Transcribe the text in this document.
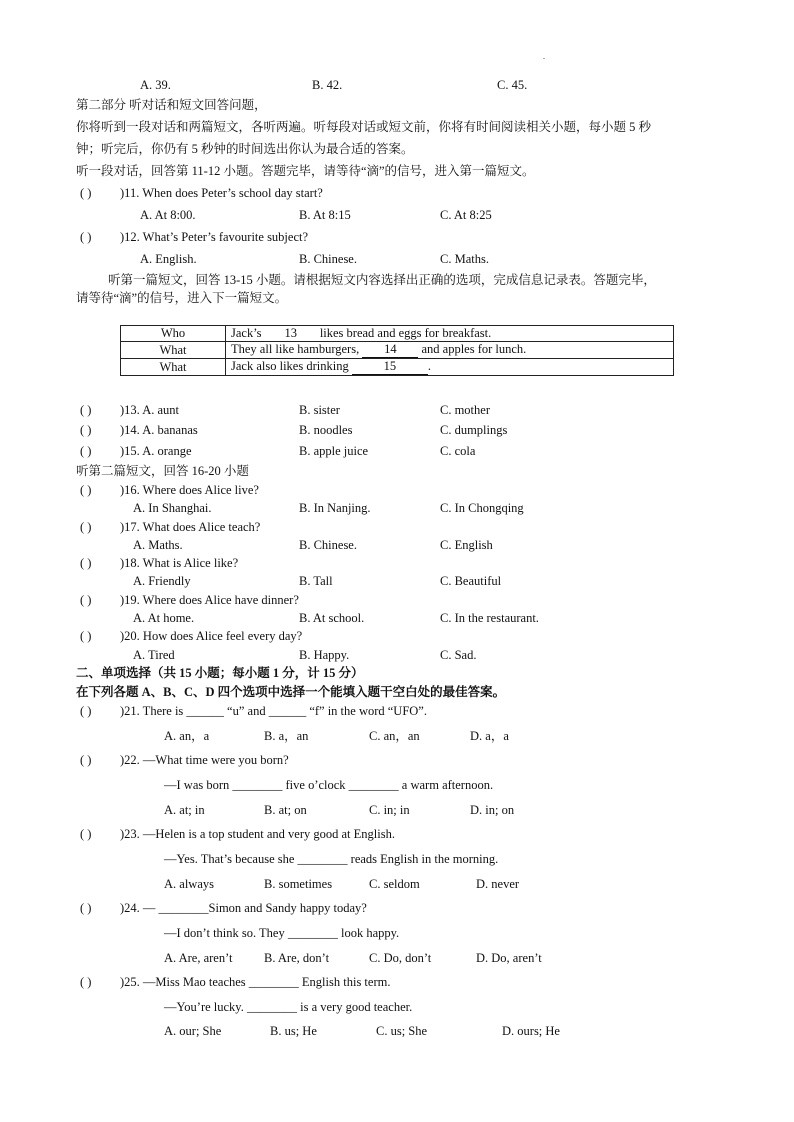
.
A. 39.	B. 42.	C. 45.
第二部分 听对话和短文回答问题，
你将听到一段对话和两篇短文，各听两遍。听每段对话或短文前，你将有时间阅读相关小题，每小题 5 秒
钟；听完后，你仍有 5 秒钟的时间选出你认为最合适的答案。
听一段对话，回答第 11-12 小题。答题完毕，请等待“滴”的信号，进入第一篇短文。
( ) )11. When does Peter’s school day start?
A. At 8:00.	B. At 8:15	C. At 8:25
( ) )12. What’s Peter’s favourite subject?
A. English.	B. Chinese.	C. Maths.
听第一篇短文，回答 13-15 小题。请根据短文内容选择出正确的选项，完成信息记录表。答题完毕，
请等待“滴”的信号，进入下一篇短文。
Who	Jack’s 13 likes bread and eggs for breakfast.
What	They all like hamburgers, 14 and apples for lunch.
What	Jack also likes drinking 15 .
( ) )13. A. aunt	B. sister	C. mother
( ) )14. A. bananas	B. noodles	C. dumplings
( ) )15. A. orange	B. apple juice	C. cola
听第二篇短文，回答 16-20 小题
( ) )16. Where does Alice live?
A. In Shanghai.	B. In Nanjing.	C. In Chongqing
( ) )17. What does Alice teach?
A. Maths.	B. Chinese.	C. English
( ) )18. What is Alice like?
A. Friendly	B. Tall	C. Beautiful
( ) )19. Where does Alice have dinner?
A. At home.	B. At school.	C. In the restaurant.
( ) )20. How does Alice feel every day?
A. Tired	B. Happy.	C. Sad.
二、单项选择（共 15 小题；每小题 1 分，计 15 分）
在下列各题 A、B、C、D 四个选项中选择一个能填入题干空白处的最佳答案。
( ) )21. There is ______ “u” and ______ “f” in the word “UFO”.
A. an，a	B. a，an	C. an，an	D. a，a
( ) )22. —What time were you born?
—I was born ________ five o’clock ________ a warm afternoon.
A. at; in	B. at; on	C. in; in	D. in; on
( ) )23. —Helen is a top student and very good at English.
—Yes. That’s because she ________ reads English in the morning.
A. always	B. sometimes	C. seldom	D. never
( ) )24. — ________Simon and Sandy happy today?
—I don’t think so. They ________ look happy.
A. Are, aren’t	B. Are, don’t	C. Do, don’t	D. Do, aren’t
( ) )25. —Miss Mao teaches ________ English this term.
—You’re lucky. ________ is a very good teacher.
A. our; She	B. us; He	C. us; She	D. ours; He
